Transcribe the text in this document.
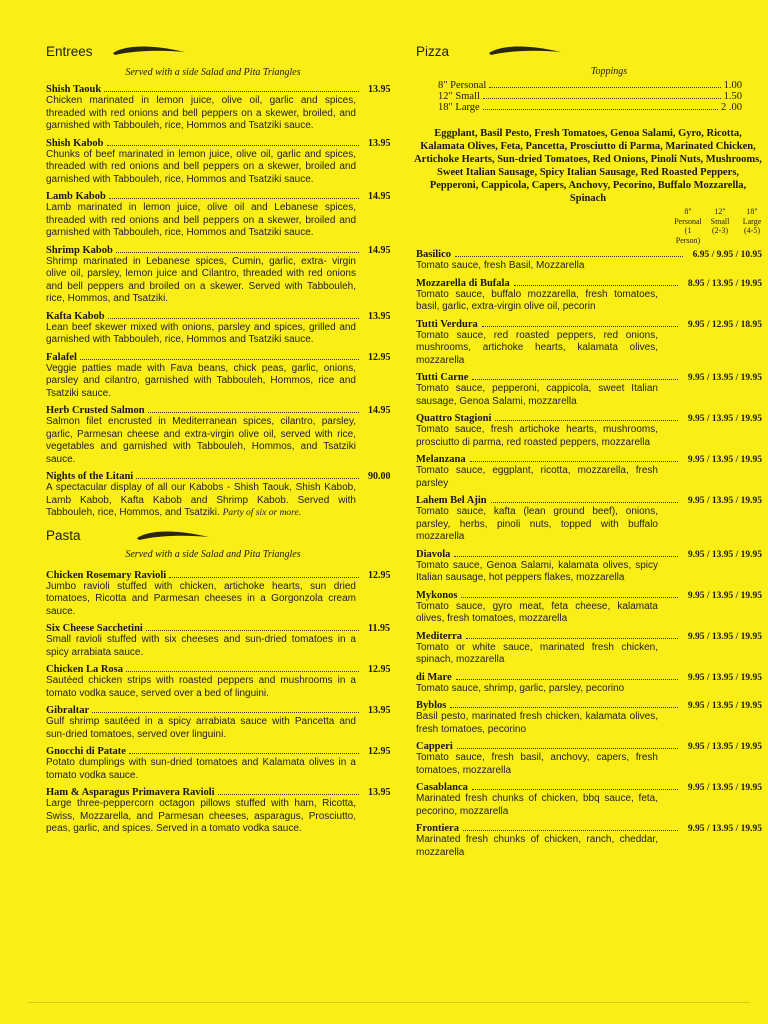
Entrees
Served with a side Salad and Pita Triangles
Shish Taouk	13.95
Chicken marinated in lemon juice, olive oil, garlic and spices, threaded with red onions and bell peppers on a skewer, broiled, and garnished with Tabbouleh, rice, Hommos and Tsatziki sauce.
Shish Kabob	13.95
Chunks of beef marinated in lemon juice, olive oil, garlic and spices, threaded with red onions and bell peppers on a skewer, broiled and garnished with Tabbouleh, rice, Hommos and Tsatziki sauce.
Lamb Kabob	14.95
Lamb marinated in lemon juice, olive oil and Lebanese spices, threaded with red onions and bell peppers on a skewer, broiled and garnished with Tabbouleh, rice, Hommos and Tsatziki sauce.
Shrimp Kabob	14.95
Shrimp marinated in Lebanese spices, Cumin, garlic, extra- virgin olive oil, parsley, lemon juice and Cilantro, threaded with red onions and bell peppers and broiled on a skewer. Served with Tabbouleh, rice, Hommos, and Tsatziki.
Kafta Kabob	13.95
Lean beef skewer mixed with onions, parsley and spices, grilled and garnished with Tabbouleh, rice, Hommos and Tsatziki sauce.
Falafel	12.95
Veggie patties made with Fava beans, chick peas, garlic, onions, parsley and cilantro, garnished with Tabbouleh, Hommos, rice and Tsatziki sauce.
Herb Crusted Salmon	14.95
Salmon filet encrusted in Mediterranean spices, cilantro, parsley, garlic, Parmesan cheese and extra-virgin olive oil, served with rice, vegetables and garnished with Tabbouleh, Hommos, and Tsatziki sauce.
Nights of the Litani	90.00
A spectacular display of all our Kabobs - Shish Taouk, Shish Kabob, Lamb Kabob, Kafta Kabob and Shrimp Kabob. Served with Tabbouleh, rice, Hommos, and Tsatziki. Party of six or more.
Pasta
Served with a side Salad and Pita Triangles
Chicken Rosemary Ravioli	12.95
Jumbo ravioli stuffed with chicken, artichoke hearts, sun dried tomatoes, Ricotta and Parmesan cheeses in a Gorgonzola cream sauce.
Six Cheese Sacchetini	11.95
Small ravioli stuffed with six cheeses and sun-dried tomatoes in a spicy arrabiata sauce.
Chicken La Rosa	12.95
Sautéed chicken strips with roasted peppers and mushrooms in a tomato vodka sauce, served over a bed of linguini.
Gibraltar	13.95
Gulf shrimp sautéed in a spicy arrabiata sauce with Pancetta and sun-dried tomatoes, served over linguini.
Gnocchi di Patate	12.95
Potato dumplings with sun-dried tomatoes and Kalamata olives in a tomato vodka sauce.
Ham & Asparagus Primavera Ravioli	13.95
Large three-peppercorn octagon pillows stuffed with ham, Ricotta, Swiss, Mozzarella, and Parmesan cheeses, asparagus, Prosciutto, peas, garlic, and spices. Served in a tomato vodka sauce.
Pizza
Toppings
8" Personal	1.00
12" Small	1.50
18" Large	2 .00
Eggplant, Basil Pesto, Fresh Tomatoes, Genoa Salami, Gyro, Ricotta, Kalamata Olives, Feta, Pancetta, Prosciutto di Parma, Marinated Chicken, Artichoke Hearts, Sun-dried Tomatoes, Red Onions, Pinoli Nuts, Mushrooms, Sweet Italian Sausage, Spicy Italian Sausage, Red Roasted Peppers, Pepperoni, Cappicola, Capers, Anchovy, Pecorino, Buffalo Mozzarella, Spinach
8"
Personal
(1 Person)
12"
Small
(2-3)
18"
Large
(4-5)
Basilico	6.95 / 9.95 / 10.95
Tomato sauce, fresh Basil, Mozzarella
Mozzarella di Bufala	8.95 / 13.95 / 19.95
Tomato sauce, buffalo mozzarella, fresh tomatoes, basil, garlic, extra-virgin olive oil, pecorin
Tutti Verdura	9.95 / 12.95 / 18.95
Tomato sauce, red roasted peppers, red onions, mushrooms, artichoke hearts, kalamata olives, mozzarella
Tutti Carne	9.95 / 13.95 / 19.95
Tomato sauce, pepperoni, cappicola, sweet Italian sausage, Genoa Salami, mozzarella
Quattro Stagioni	9.95 / 13.95 / 19.95
Tomato sauce, fresh artichoke hearts, mushrooms, prosciutto di parma, red roasted peppers, mozzarella
Melanzana	9.95 / 13.95 / 19.95
Tomato sauce, eggplant, ricotta, mozzarella, fresh parsley
Lahem Bel Ajin	9.95 / 13.95 / 19.95
Tomato sauce, kafta (lean ground beef), onions, parsley, herbs, pinoli nuts, topped with buffalo mozzarella
Diavola	9.95 / 13.95 / 19.95
Tomato sauce, Genoa Salami, kalamata olives, spicy Italian sausage, hot peppers flakes, mozzarella
Mykonos	9.95 / 13.95 / 19.95
Tomato sauce, gyro meat, feta cheese, kalamata olives, fresh tomatoes, mozzarella
Mediterra	9.95 / 13.95 / 19.95
Tomato or white sauce, marinated fresh chicken, spinach, mozzarella
di Mare	9.95 / 13.95 / 19.95
Tomato sauce, shrimp, garlic, parsley, pecorino
Byblos	9.95 / 13.95 / 19.95
Basil pesto, marinated fresh chicken, kalamata olives, fresh tomatoes, pecorino
Capperi	9.95 / 13.95 / 19.95
Tomato sauce, fresh basil, anchovy, capers, fresh tomatoes, mozzarella
Casablanca	9.95 / 13.95 / 19.95
Marinated fresh chunks of chicken, bbq sauce, feta, pecorino, mozzarella
Frontiera	9.95 / 13.95 / 19.95
Marinated fresh chunks of chicken, ranch, cheddar, mozzarella
